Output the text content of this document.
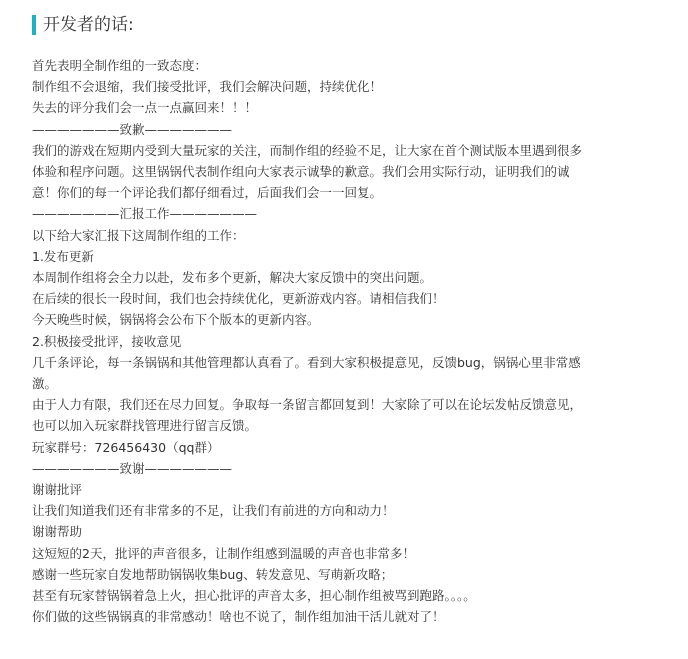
开发者的话:
首先表明全制作组的一致态度：
制作组不会退缩，我们接受批评，我们会解决问题，持续优化！
失去的评分我们会一点一点赢回来！！！
———————致歉———————
我们的游戏在短期内受到大量玩家的关注，而制作组的经验不足，让大家在首个测试版本里遇到很多
体验和程序问题。这里锅锅代表制作组向大家表示诚挚的歉意。我们会用实际行动，证明我们的诚
意！你们的每一个评论我们都仔细看过，后面我们会一一回复。
———————汇报工作———————
以下给大家汇报下这周制作组的工作：
1.发布更新
本周制作组将会全力以赴，发布多个更新，解决大家反馈中的突出问题。
在后续的很长一段时间，我们也会持续优化，更新游戏内容。请相信我们！
今天晚些时候，锅锅将会公布下个版本的更新内容。
2.积极接受批评，接收意见
几千条评论，每一条锅锅和其他管理都认真看了。看到大家积极提意见，反馈bug，锅锅心里非常感
激。
由于人力有限，我们还在尽力回复。争取每一条留言都回复到！大家除了可以在论坛发帖反馈意见，
也可以加入玩家群找管理进行留言反馈。
玩家群号：726456430（qq群）
———————致谢———————
谢谢批评
让我们知道我们还有非常多的不足，让我们有前进的方向和动力！
谢谢帮助
这短短的2天，批评的声音很多，让制作组感到温暖的声音也非常多！
感谢一些玩家自发地帮助锅锅收集bug、转发意见、写萌新攻略；
甚至有玩家替锅锅着急上火，担心批评的声音太多，担心制作组被骂到跑路。。。。
你们做的这些锅锅真的非常感动！啥也不说了，制作组加油干活儿就对了！
